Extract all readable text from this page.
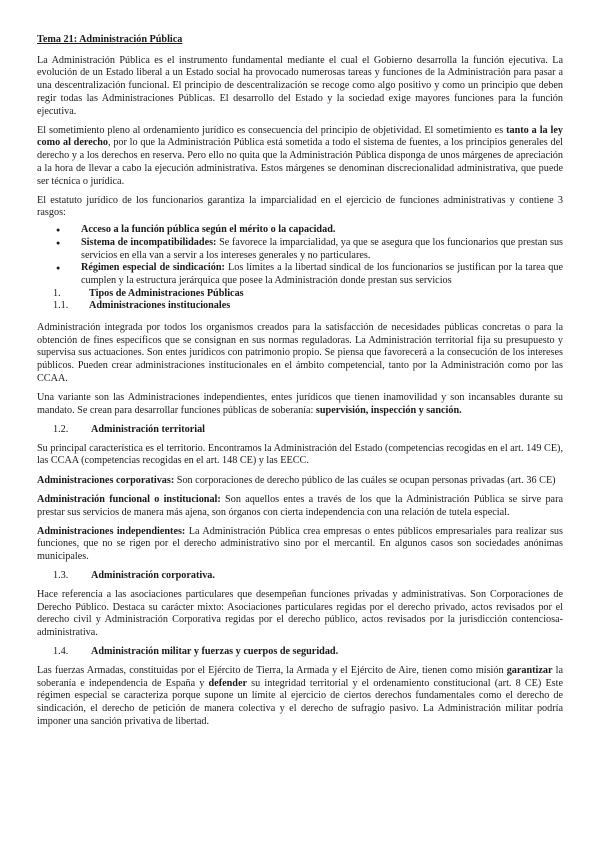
Tema 21: Administración Pública

La Administración Pública es el instrumento fundamental mediante el cual el Gobierno desarrolla la función ejecutiva. La evolución de un Estado liberal a un Estado social ha provocado numerosas tareas y funciones de la Administración para pasar a una descentralización funcional. El principio de descentralización se recoge como algo positivo y como un principio que deben regir todas las Administraciones Públicas. El desarrollo del Estado y la sociedad exige mayores funciones para la función ejecutiva.

El sometimiento pleno al ordenamiento jurídico es consecuencia del principio de objetividad. El sometimiento es tanto a la ley como al derecho, por lo que la Administración Pública está sometida a todo el sistema de fuentes, a los principios generales del derecho y a los derechos en reserva. Pero ello no quita que la Administración Pública disponga de unos márgenes de apreciación a la hora de llevar a cabo la ejecución administrativa. Estos márgenes se denominan discrecionalidad administrativa, que puede ser técnica o jurídica.

El estatuto jurídico de los funcionarios garantiza la imparcialidad en el ejercicio de funciones administrativas y contiene 3 rasgos:

● Acceso a la función pública según el mérito o la capacidad.
● Sistema de incompatibilidades: Se favorece la imparcialidad, ya que se asegura que los funcionarios que prestan sus servicios en ella van a servir a los intereses generales y no particulares.
● Régimen especial de sindicación: Los límites a la libertad sindical de los funcionarios se justifican por la tarea que cumplen y la estructura jerárquica que posee la Administración donde prestan sus servicios
1.	Tipos de Administraciones Públicas
1.1.	Administraciones institucionales

Administración integrada por todos los organismos creados para la satisfacción de necesidades públicas concretas o para la obtención de fines específicos que se consignan en sus normas reguladoras. La Administración territorial fija su presupuesto y supervisa sus actuaciones. Son entes jurídicos con patrimonio propio. Se piensa que favorecerá a la consecución de los intereses públicos. Pueden crear administraciones institucionales en el ámbito competencial, tanto por la Administración como por las CCAA.

Una variante son las Administraciones independientes, entes jurídicos que tienen inamovilidad y son incansables durante su mandato. Se crean para desarrollar funciones públicas de soberanía: supervisión, inspección y sanción.

1.2.	Administración territorial

Su principal característica es el territorio. Encontramos la Administración del Estado (competencias recogidas en el art. 149 CE), las CCAA (competencias recogidas en el art. 148 CE) y las EECC.

Administraciones corporativas: Son corporaciones de derecho público de las cuáles se ocupan personas privadas (art. 36 CE)

Administración funcional o institucional: Son aquellos entes a través de los que la Administración Pública se sirve para prestar sus servicios de manera más ajena, son órganos con cierta independencia con una relación de tutela especial.

Administraciones independientes: La Administración Pública crea empresas o entes públicos empresariales para realizar sus funciones, que no se rigen por el derecho administrativo sino por el mercantil. En algunos casos son sociedades anónimas municipales.

1.3.	Administración corporativa.

Hace referencia a las asociaciones particulares que desempeñan funciones privadas y administrativas. Son Corporaciones de Derecho Público. Destaca su carácter mixto: Asociaciones particulares regidas por el derecho privado, actos revisados por el derecho civil y Administración Corporativa regidas por el derecho público, actos revisados por la jurisdicción contenciosa-administrativa.

1.4.	Administración militar y fuerzas y cuerpos de seguridad.

Las fuerzas Armadas, constituidas por el Ejército de Tierra, la Armada y el Ejército de Aire, tienen como misión garantizar la soberanía e independencia de España y defender su integridad territorial y el ordenamiento constitucional (art. 8 CE) Este régimen especial se caracteriza porque supone un límite al ejercicio de ciertos derechos fundamentales como el derecho de sindicación, el derecho de petición de manera colectiva y el derecho de sufragio pasivo. La Administración militar podría imponer una sanción privativa de libertad.
